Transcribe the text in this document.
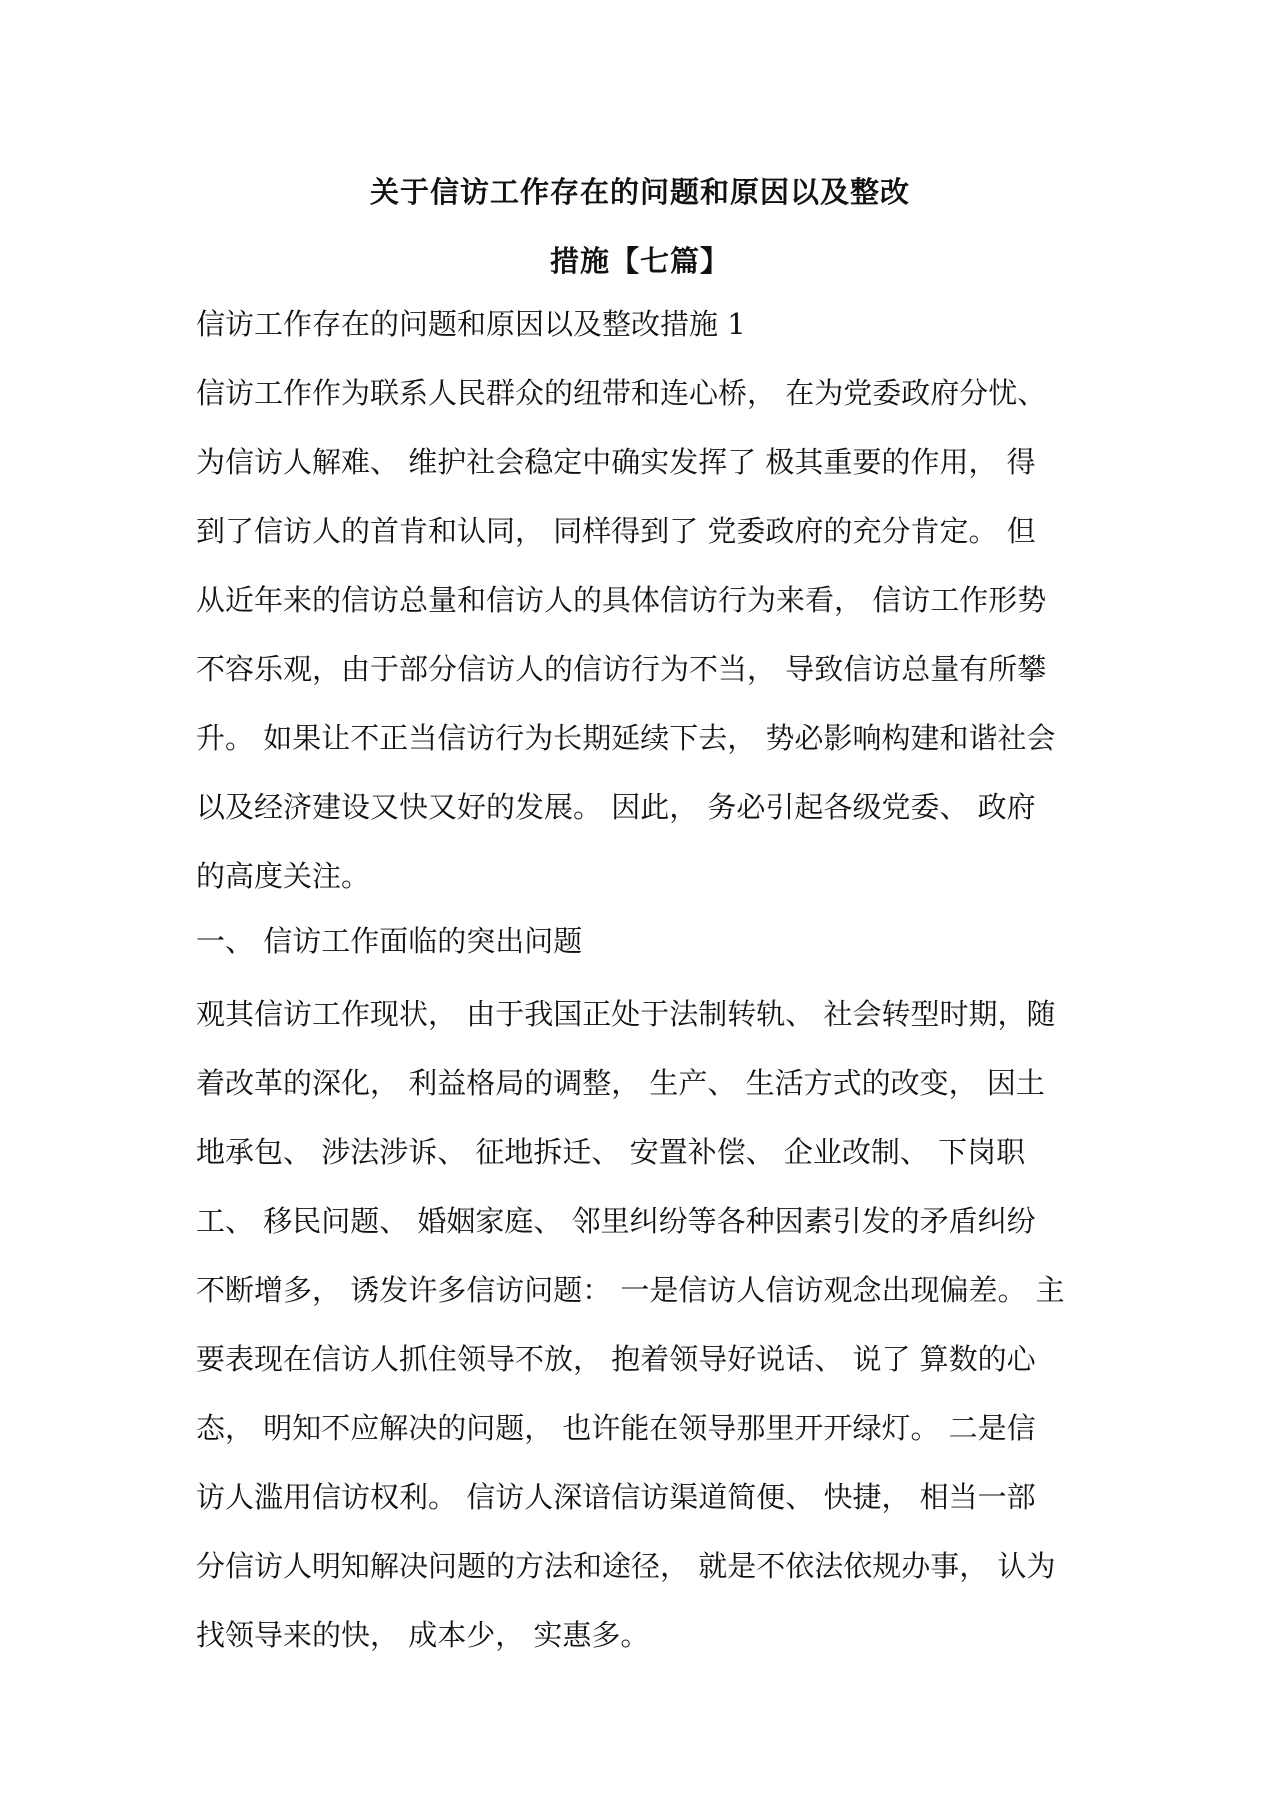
关于信访工作存在的问题和原因以及整改
措施【七篇】
信访工作存在的问题和原因以及整改措施 1
信访工作作为联系人民群众的纽带和连心桥， 在为党委政府分忧、
为信访人解难、 维护社会稳定中确实发挥了 极其重要的作用， 得
到了信访人的首肯和认同， 同样得到了 党委政府的充分肯定。 但
从近年来的信访总量和信访人的具体信访行为来看， 信访工作形势
不容乐观，由于部分信访人的信访行为不当， 导致信访总量有所攀
升。 如果让不正当信访行为长期延续下去， 势必影响构建和谐社会
以及经济建设又快又好的发展。 因此， 务必引起各级党委、 政府
的高度关注。
一、 信访工作面临的突出问题
观其信访工作现状， 由于我国正处于法制转轨、 社会转型时期，随
着改革的深化， 利益格局的调整， 生产、 生活方式的改变， 因土
地承包、 涉法涉诉、 征地拆迁、 安置补偿、 企业改制、 下岗职
工、 移民问题、 婚姻家庭、 邻里纠纷等各种因素引发的矛盾纠纷
不断增多， 诱发许多信访问题： 一是信访人信访观念出现偏差。 主
要表现在信访人抓住领导不放， 抱着领导好说话、 说了 算数的心
态， 明知不应解决的问题， 也许能在领导那里开开绿灯。 二是信
访人滥用信访权利。 信访人深谙信访渠道简便、 快捷， 相当一部
分信访人明知解决问题的方法和途径， 就是不依法依规办事， 认为
找领导来的快， 成本少， 实惠多。
